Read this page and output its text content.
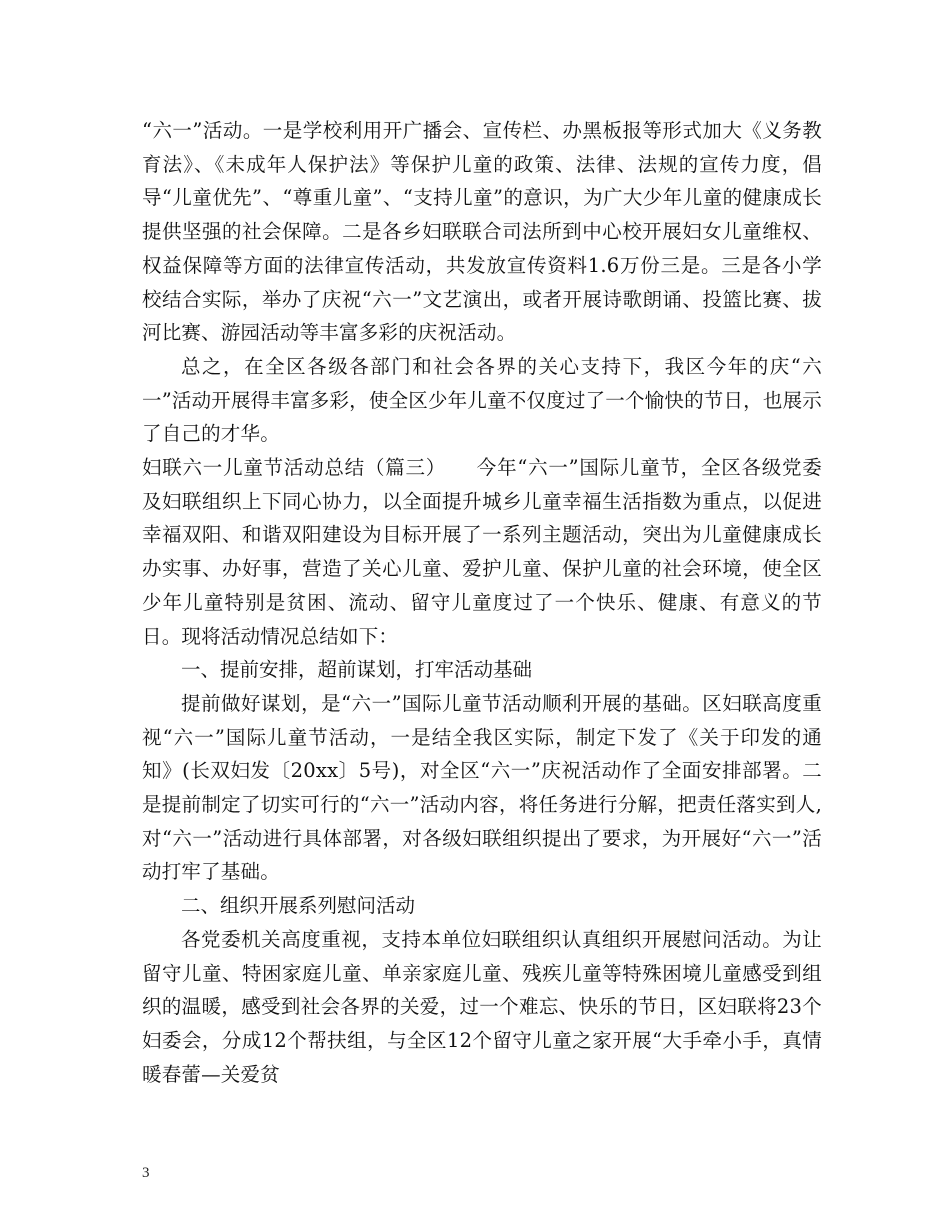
“六一”活动。一是学校利用开广播会、宣传栏、办黑板报等形式加大《义务教育法》、《未成年人保护法》等保护儿童的政策、法律、法规的宣传力度，倡导“儿童优先”、“尊重儿童”、“支持儿童”的意识，为广大少年儿童的健康成长提供坚强的社会保障。二是各乡妇联联合司法所到中心校开展妇女儿童维权、权益保障等方面的法律宣传活动，共发放宣传资料1.6万份三是。三是各小学校结合实际，举办了庆祝“六一”文艺演出，或者开展诗歌朗诵、投篮比赛、拔河比赛、游园活动等丰富多彩的庆祝活动。

总之，在全区各级各部门和社会各界的关心支持下，我区今年的庆“六一”活动开展得丰富多彩，使全区少年儿童不仅度过了一个愉快的节日，也展示了自己的才华。

妇联六一儿童节活动总结（篇三）　　今年“六一”国际儿童节，全区各级党委及妇联组织上下同心协力，以全面提升城乡儿童幸福生活指数为重点，以促进幸福双阳、和谐双阳建设为目标开展了一系列主题活动，突出为儿童健康成长办实事、办好事，营造了关心儿童、爱护儿童、保护儿童的社会环境，使全区少年儿童特别是贫困、流动、留守儿童度过了一个快乐、健康、有意义的节日。现将活动情况总结如下：

一、提前安排，超前谋划，打牢活动基础

提前做好谋划，是“六一”国际儿童节活动顺利开展的基础。区妇联高度重视“六一”国际儿童节活动，一是结全我区实际，制定下发了《关于印发的通知》(长双妇发〔20xx〕5号)，对全区“六一”庆祝活动作了全面安排部署。二是提前制定了切实可行的“六一”活动内容，将任务进行分解，把责任落实到人,对“六一”活动进行具体部署，对各级妇联组织提出了要求，为开展好“六一”活动打牢了基础。

二、组织开展系列慰问活动

各党委机关高度重视，支持本单位妇联组织认真组织开展慰问活动。为让留守儿童、特困家庭儿童、单亲家庭儿童、残疾儿童等特殊困境儿童感受到组织的温暖，感受到社会各界的关爱，过一个难忘、快乐的节日，区妇联将23个妇委会，分成12个帮扶组，与全区12个留守儿童之家开展“大手牵小手，真情暖春蕾—关爱贫

3
